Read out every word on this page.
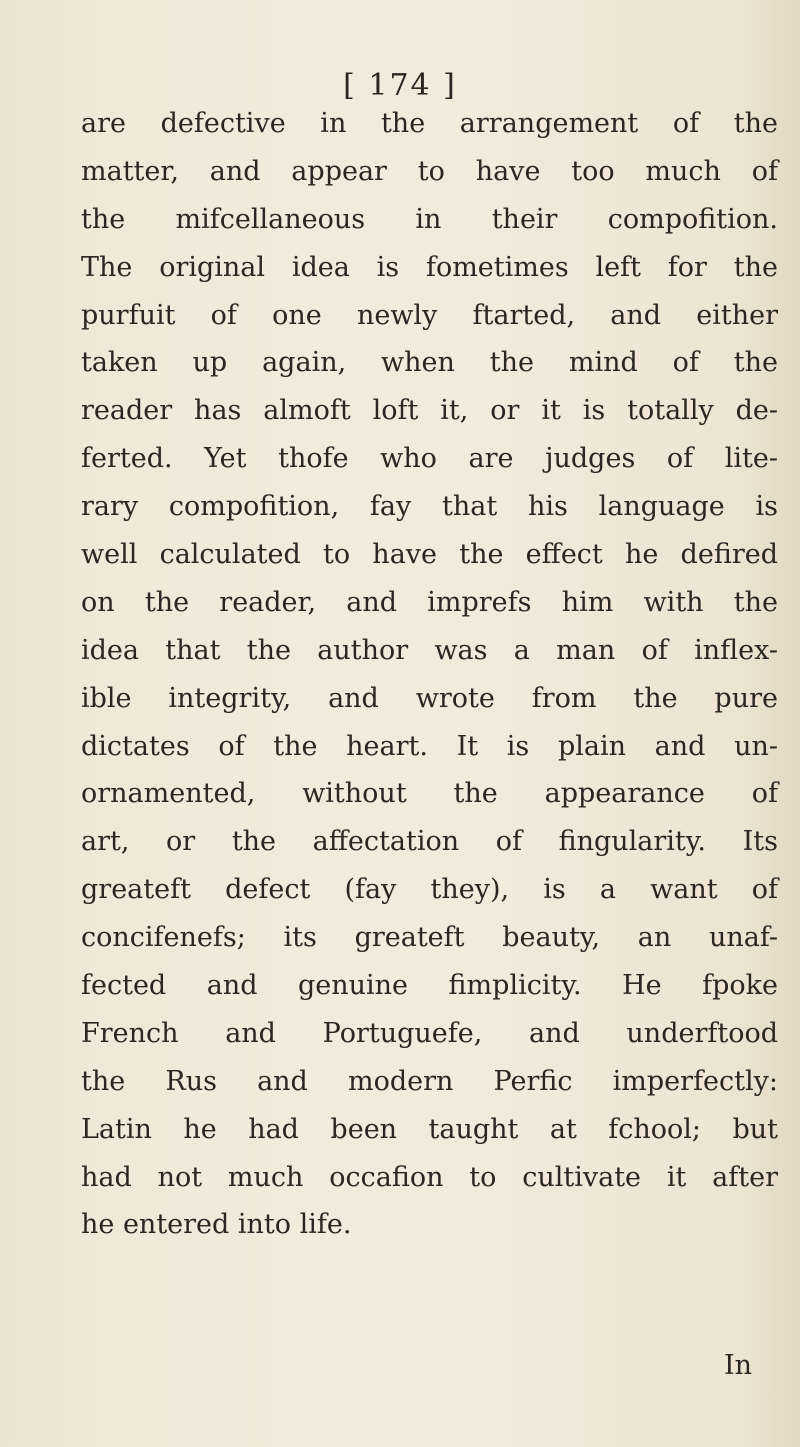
[ 174 ]
are defective in the arrangement of the
matter, and appear to have too much of
the mifcellaneous in their compofition.
The original idea is fometimes left for the
purfuit of one newly ftarted, and either
taken up again, when the mind of the
reader has almoft loft it, or it is totally de-
ferted. Yet thofe who are judges of lite-
rary compofition, fay that his language is
well calculated to have the effect he defired
on the reader, and imprefs him with the
idea that the author was a man of inflex-
ible integrity, and wrote from the pure
dictates of the heart. It is plain and un-
ornamented, without the appearance of
art, or the affectation of fingularity. Its
greateft defect (fay they), is a want of
concifenefs; its greateft beauty, an unaf-
fected and genuine fimplicity. He fpoke
French and Portuguefe, and underftood
the Rus and modern Perfic imperfectly:
Latin he had been taught at fchool; but
had not much occafion to cultivate it after
he entered into life.
In
